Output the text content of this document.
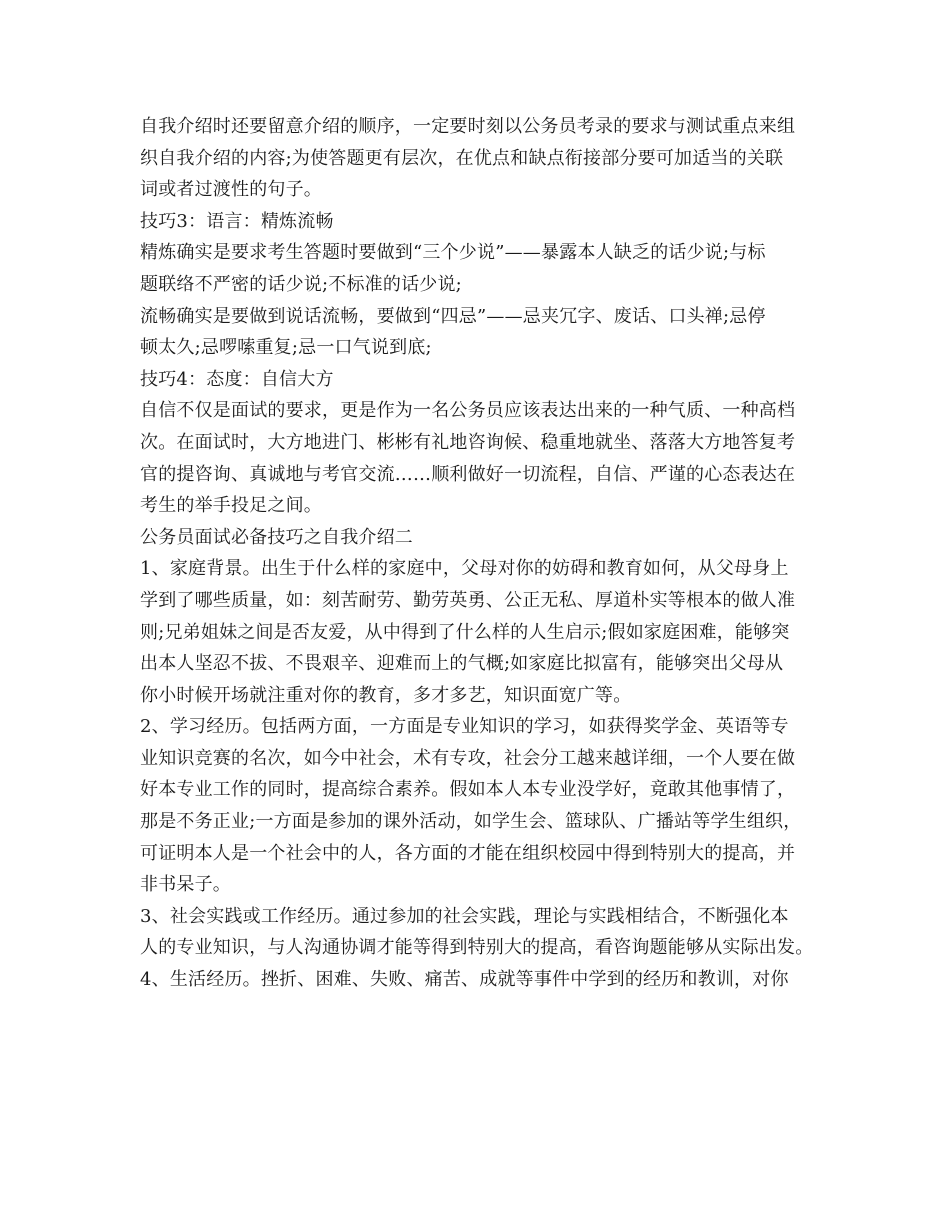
自我介绍时还要留意介绍的顺序，一定要时刻以公务员考录的要求与测试重点来组
织自我介绍的内容;为使答题更有层次，在优点和缺点衔接部分要可加适当的关联
词或者过渡性的句子。
技巧3：语言：精炼流畅
精炼确实是要求考生答题时要做到“三个少说”——暴露本人缺乏的话少说;与标
题联络不严密的话少说;不标准的话少说;
流畅确实是要做到说话流畅，要做到“四忌”——忌夹冗字、废话、口头禅;忌停
顿太久;忌啰嗦重复;忌一口气说到底;
技巧4：态度：自信大方
自信不仅是面试的要求，更是作为一名公务员应该表达出来的一种气质、一种高档
次。在面试时，大方地进门、彬彬有礼地咨询候、稳重地就坐、落落大方地答复考
官的提咨询、真诚地与考官交流……顺利做好一切流程，自信、严谨的心态表达在
考生的举手投足之间。
公务员面试必备技巧之自我介绍二
1、家庭背景。出生于什么样的家庭中，父母对你的妨碍和教育如何，从父母身上
学到了哪些质量，如：刻苦耐劳、勤劳英勇、公正无私、厚道朴实等根本的做人准
则;兄弟姐妹之间是否友爱，从中得到了什么样的人生启示;假如家庭困难，能够突
出本人坚忍不拔、不畏艰辛、迎难而上的气概;如家庭比拟富有，能够突出父母从
你小时候开场就注重对你的教育，多才多艺，知识面宽广等。
2、学习经历。包括两方面，一方面是专业知识的学习，如获得奖学金、英语等专
业知识竞赛的名次，如今中社会，术有专攻，社会分工越来越详细，一个人要在做
好本专业工作的同时，提高综合素养。假如本人本专业没学好，竟敢其他事情了，
那是不务正业;一方面是参加的课外活动，如学生会、篮球队、广播站等学生组织，
可证明本人是一个社会中的人，各方面的才能在组织校园中得到特别大的提高，并
非书呆子。
3、社会实践或工作经历。通过参加的社会实践，理论与实践相结合，不断强化本
人的专业知识，与人沟通协调才能等得到特别大的提高，看咨询题能够从实际出发。
4、生活经历。挫折、困难、失败、痛苦、成就等事件中学到的经历和教训，对你
